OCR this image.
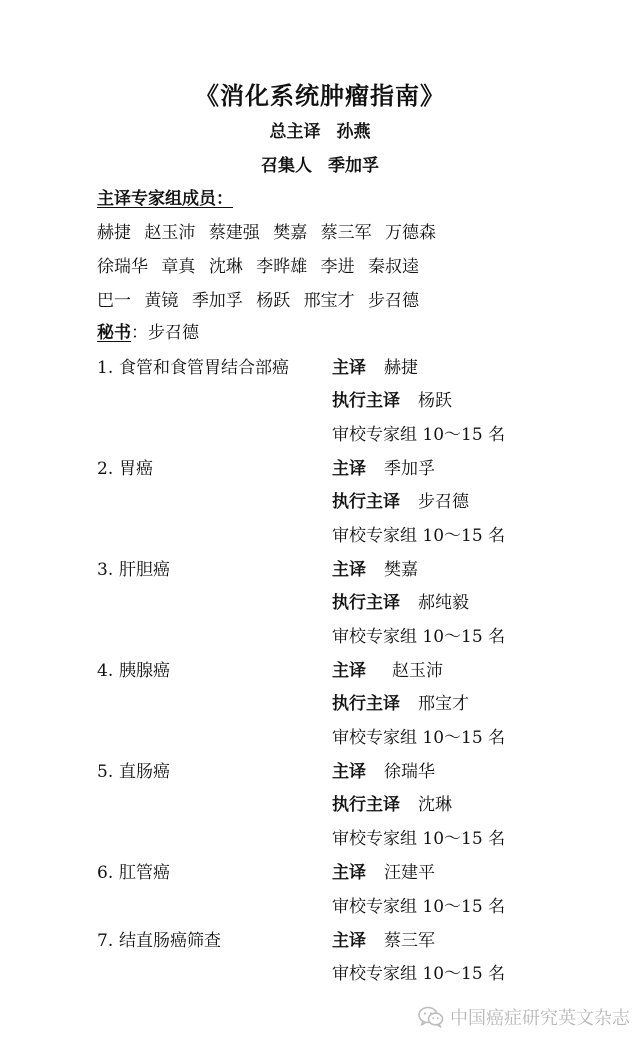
《消化系统肿瘤指南》
总主译 孙燕
召集人 季加孚
主译专家组成员：
赫捷 赵玉沛 蔡建强 樊嘉 蔡三军 万德森
徐瑞华 章真 沈琳 李晔雄 李进 秦叔逵
巴一 黄镜 季加孚 杨跃 邢宝才 步召德
秘书：步召德
1. 食管和食管胃结合部癌	主译 赫捷
执行主译 杨跃
审校专家组 10～15 名
2. 胃癌	主译 季加孚
执行主译 步召德
审校专家组 10～15 名
3. 肝胆癌	主译 樊嘉
执行主译 郝纯毅
审校专家组 10～15 名
4. 胰腺癌	主译 赵玉沛
执行主译 邢宝才
审校专家组 10～15 名
5. 直肠癌	主译 徐瑞华
执行主译 沈琳
审校专家组 10～15 名
6. 肛管癌	主译 汪建平
审校专家组 10～15 名
7. 结直肠癌筛查	主译 蔡三军
审校专家组 10～15 名
中国癌症研究英文杂志
